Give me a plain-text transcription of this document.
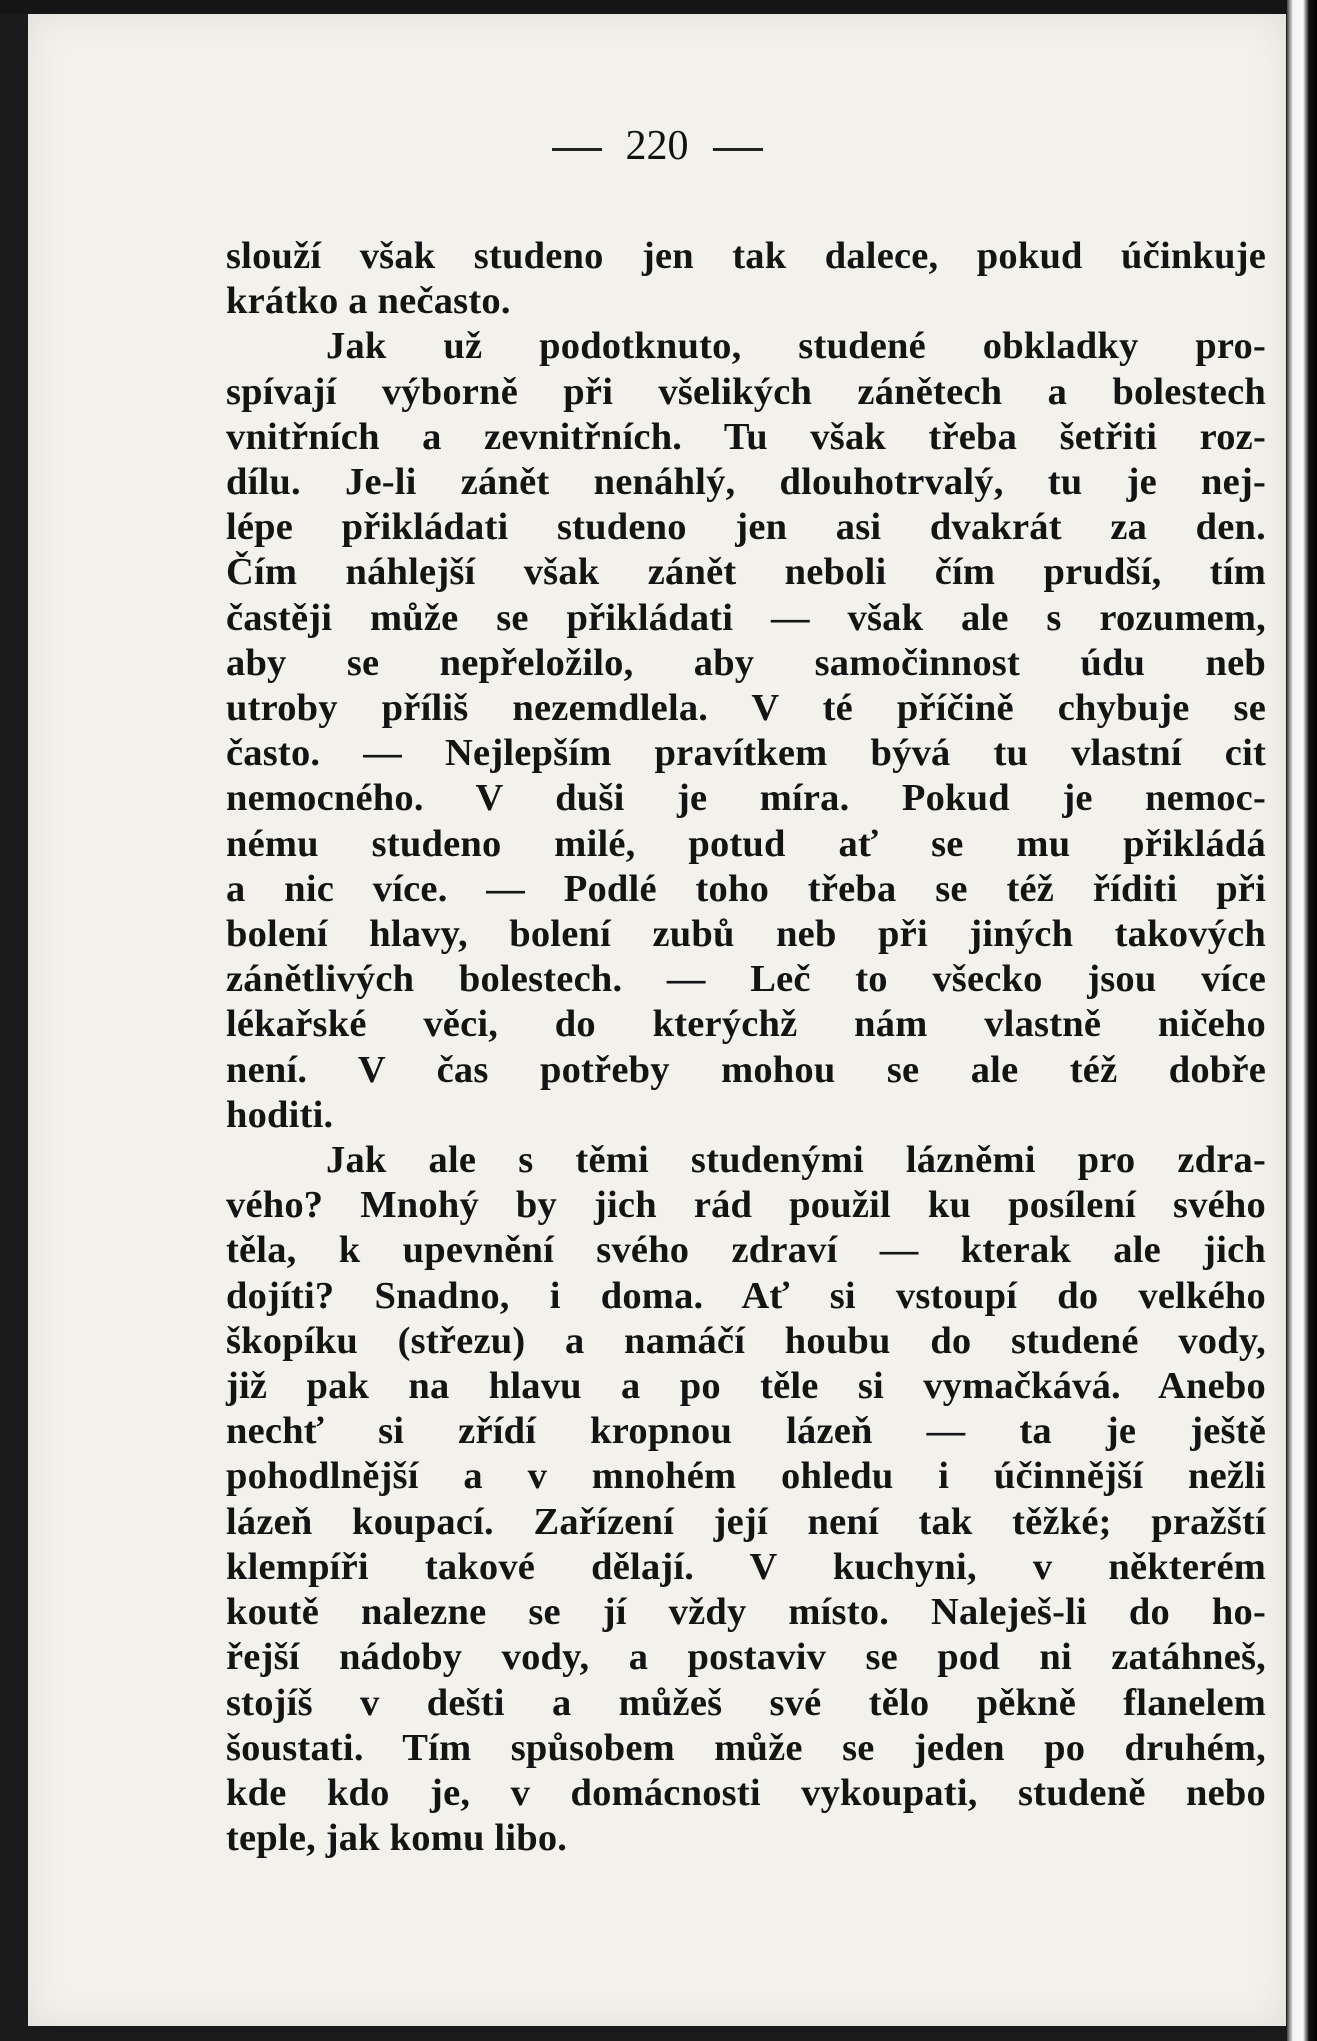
220
slouží však studeno jen tak dalece, pokud účinkuje
krátko a nečasto.
Jak už podotknuto, studené obkladky pro-
spívají výborně při všelikých zánětech a bolestech
vnitřních a zevnitřních. Tu však třeba šetřiti roz-
dílu. Je-li zánět nenáhlý, dlouhotrvalý, tu je nej-
lépe přikládati studeno jen asi dvakrát za den.
Čím náhlejší však zánět neboli čím prudší, tím
častěji může se přikládati — však ale s rozumem,
aby se nepřeložilo, aby samočinnost údu neb
utroby příliš nezemdlela. V té příčině chybuje se
často. — Nejlepším pravítkem bývá tu vlastní cit
nemocného. V duši je míra. Pokud je nemoc-
nému studeno milé, potud ať se mu přikládá
a nic více. — Podlé toho třeba se též říditi při
bolení hlavy, bolení zubů neb při jiných takových
zánětlivých bolestech. — Leč to všecko jsou více
lékařské věci, do kterýchž nám vlastně ničeho
není. V čas potřeby mohou se ale též dobře
hoditi.
Jak ale s těmi studenými lázněmi pro zdra-
vého? Mnohý by jich rád použil ku posílení svého
těla, k upevnění svého zdraví — kterak ale jich
dojíti? Snadno, i doma. Ať si vstoupí do velkého
škopíku (střezu) a namáčí houbu do studené vody,
již pak na hlavu a po těle si vymačkává. Anebo
nechť si zřídí kropnou lázeň — ta je ještě
pohodlnější a v mnohém ohledu i účinnější nežli
lázeň koupací. Zařízení její není tak těžké; pražští
klempíři takové dělají. V kuchyni, v některém
koutě nalezne se jí vždy místo. Naleješ-li do ho-
řejší nádoby vody, a postaviv se pod ni zatáhneš,
stojíš v dešti a můžeš své tělo pěkně flanelem
šoustati. Tím spůsobem může se jeden po druhém,
kde kdo je, v domácnosti vykoupati, studeně nebo
teple, jak komu libo.
